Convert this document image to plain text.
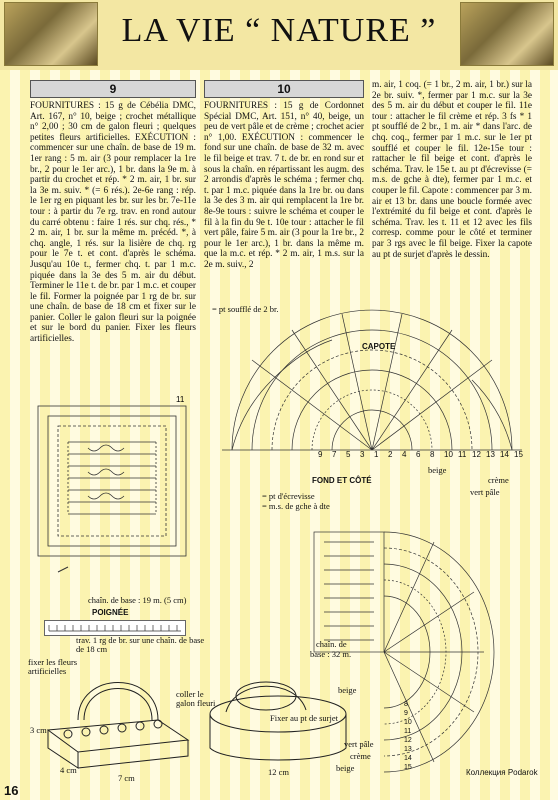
LA VIE “ NATURE ”
9

FOURNITURES : 15 g de Cébélia DMC, Art. 167, n° 10, beige ; crochet métallique n° 2,00 ; 30 cm de galon fleuri ; quelques petites fleurs artificielles. EXÉCUTION : commencer sur une chaîn. de base de 19 m. 1er rang : 5 m. air (3 pour remplacer la 1re br., 2 pour le 1er arc.), 1 br. dans la 9e m. à partir du crochet et rép. * 2 m. air, 1 br. sur la 3e m. suiv. * (= 6 rés.). 2e-6e rang : rép. le 1er rg en piquant les br. sur les br. 7e-11e tour : à partir du 7e rg. trav. en rond autour du carré obtenu : faire 1 rés. sur chq. rés., * 2 m. air, 1 br. sur la même m. précéd. *, à chq. angle, 1 rés. sur la lisière de chq. rg pour le 7e t. et cont. d'après le schéma. Jusqu'au 10e t., fermer chq. t. par 1 m.c. piquée dans la 3e des 5 m. air du début. Terminer le 11e t. de br. par 1 m.c. et couper le fil. Former la poignée par 1 rg de br. sur une chaîn. de base de 18 cm et fixer sur le panier. Coller le galon fleuri sur la poignée et sur le bord du panier. Fixer les fleurs artificielles.

10

FOURNITURES : 15 g de Cordonnet Spécial DMC, Art. 151, n° 40, beige, un peu de vert pâle et de crème ; crochet acier n° 1,00. EXÉCUTION : commencer le fond sur une chaîn. de base de 32 m. avec le fil beige et trav. 7 t. de br. en rond sur et sous la chaîn. en répartissant les augm. des 2 arrondis d'après le schéma ; fermer chq. t. par 1 m.c. piquée dans la 1re br. ou dans la 3e des 3 m. air qui remplacent la 1re br. 8e-9e tours : suivre le schéma et couper le fil à la fin du 9e t. 10e tour : attacher le fil vert pâle, faire 5 m. air (3 pour la 1re br., 2 pour le 1er arc.), 1 br. dans la même m. que la m.c. et rép. * 2 m. air, 1 m.s. sur la 2e m. suiv., 2

m. air, 1 coq. (= 1 br., 2 m. air, 1 br.) sur la 2e br. suiv. *, fermer par 1 m.c. sur la 3e des 5 m. air du début et couper le fil. 11e tour : attacher le fil crème et rép. 3 fs * 1 pt soufflé de 2 br., 1 m. air * dans l'arc. de chq. coq., fermer par 1 m.c. sur le 1er pt soufflé et couper le fil. 12e-15e tour : rattacher le fil beige et cont. d'après le schéma. Trav. le 15e t. au pt d'écrevisse (= m.s. de gche à dte), fermer par 1 m.c. et couper le fil. Capote : commencer par 3 m. air et 13 br. dans une boucle formée avec l'extrémité du fil beige et cont. d'après le schéma. Trav. les t. 11 et 12 avec les fils corresp. comme pour le côté et terminer par 3 rgs avec le fil beige. Fixer la capote au pt de surjet d'après le dessin.

11
chaîn. de base : 19 m. (5 cm)
= pt soufflé de 2 br.
CAPOTE
9 7 5 3 1 2 4 6 8 10 11 12 13 14 15
beige
crème
vert pâle
FOND ET CÔTÉ
= pt d'écrevisse
= m.s. de gche à dte
chaîn. de
base : 32 m.
beige
vert pâle
crème
beige
8
9
10
11
12
13
14
15
POIGNÉE
trav. 1 rg de br. sur une chaîn. de base de 18 cm
fixer les fleurs artificielles
coller le galon fleuri
3 cm
4 cm
7 cm
Fixer au pt de surjet
12 cm
16
Коллекция Podarok
